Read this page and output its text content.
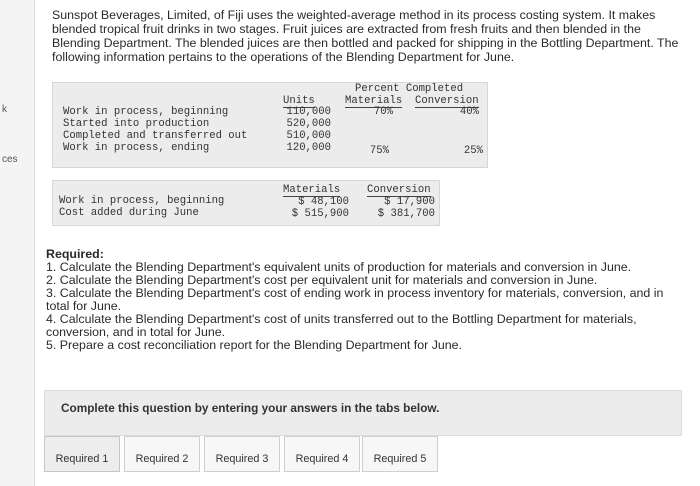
k
ces

Sunspot Beverages, Limited, of Fiji uses the weighted-average method in its process costing system. It makes blended tropical fruit drinks in two stages. Fruit juices are extracted from fresh fruits and then blended in the Blending Department. The blended juices are then bottled and packed for shipping in the Bottling Department. The following information pertains to the operations of the Blending Department for June.

Percent Completed
Units	Materials Conversion
Work in process, beginning	110,000	70%	40%
Started into production	520,000
Completed and transferred out	510,000
Work in process, ending	120,000	75%	25%
Materials	Conversion
Work in process, beginning	$ 48,100	$ 17,900
Cost added during June	$ 515,900	$ 381,700

Required:

1. Calculate the Blending Department's equivalent units of production for materials and conversion in June.

2. Calculate the Blending Department's cost per equivalent unit for materials and conversion in June.

3. Calculate the Blending Department's cost of ending work in process inventory for materials, conversion, and in total for June.

4. Calculate the Blending Department's cost of units transferred out to the Bottling Department for materials, conversion, and in total for June.

5. Prepare a cost reconciliation report for the Blending Department for June.

Complete this question by entering your answers in the tabs below.
Required 1	Required 2	Required 3	Required 4	Required 5
